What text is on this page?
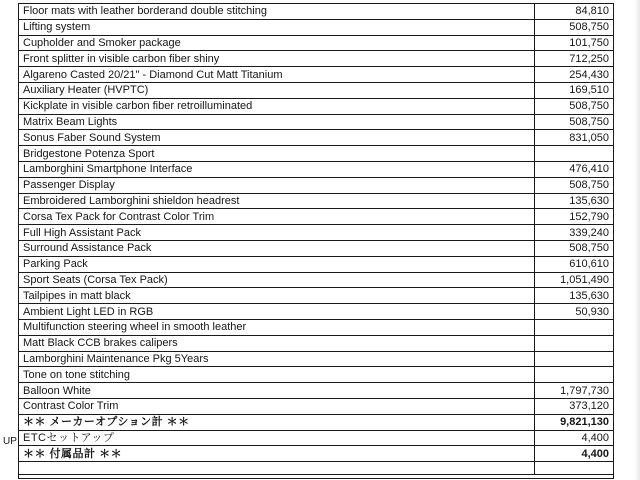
Floor mats with leather borderand double stitching	84,810
Lifting system	508,750
Cupholder and Smoker package	101,750
Front splitter in visible carbon fiber shiny	712,250
Algareno Casted 20/21" - Diamond Cut Matt Titanium	254,430
Auxiliary Heater (HVPTC)	169,510
Kickplate in visible carbon fiber retroilluminated	508,750
Matrix Beam Lights	508,750
Sonus Faber Sound System	831,050
Bridgestone Potenza Sport	
Lamborghini Smartphone Interface	476,410
Passenger Display	508,750
Embroidered Lamborghini shieldon headrest	135,630
Corsa Tex Pack for Contrast Color Trim	152,790
Full High Assistant Pack	339,240
Surround Assistance Pack	508,750
Parking Pack	610,610
Sport Seats (Corsa Tex Pack)	1,051,490
Tailpipes in matt black	135,630
Ambient Light LED in RGB	50,930
Multifunction steering wheel in smooth leather	
Matt Black CCB brakes calipers	
Lamborghini Maintenance Pkg 5Years	
Tone on tone stitching	
Balloon White	1,797,730
Contrast Color Trim	373,120
＊＊ メーカーオプション計 ＊＊	9,821,130
ETCセットアップ	4,400
＊＊ 付属品計 ＊＊	4,400

UP
